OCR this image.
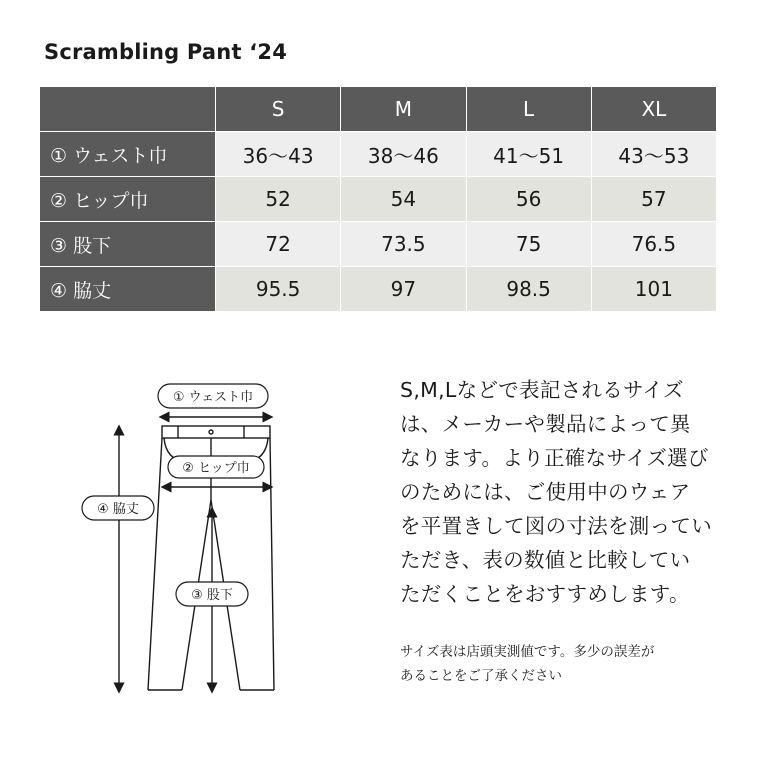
Scrambling Pant ‘24
	S	M	L	XL
① ウェスト巾	36〜43	38〜46	41〜51	43〜53
② ヒップ巾	52	54	56	57
③ 股下	72	73.5	75	76.5
④ 脇丈	95.5	97	98.5	101
① ウェスト巾
② ヒップ巾
④ 脇丈
③ 股下
S,M,Lなどで表記されるサイズ
は、メーカーや製品によって異
なります。より正確なサイズ選び
のためには、ご使用中のウェア
を平置きして図の寸法を測ってい
ただき、表の数値と比較してい
ただくことをおすすめします。
サイズ表は店頭実測値です。多少の誤差が
あることをご了承ください
